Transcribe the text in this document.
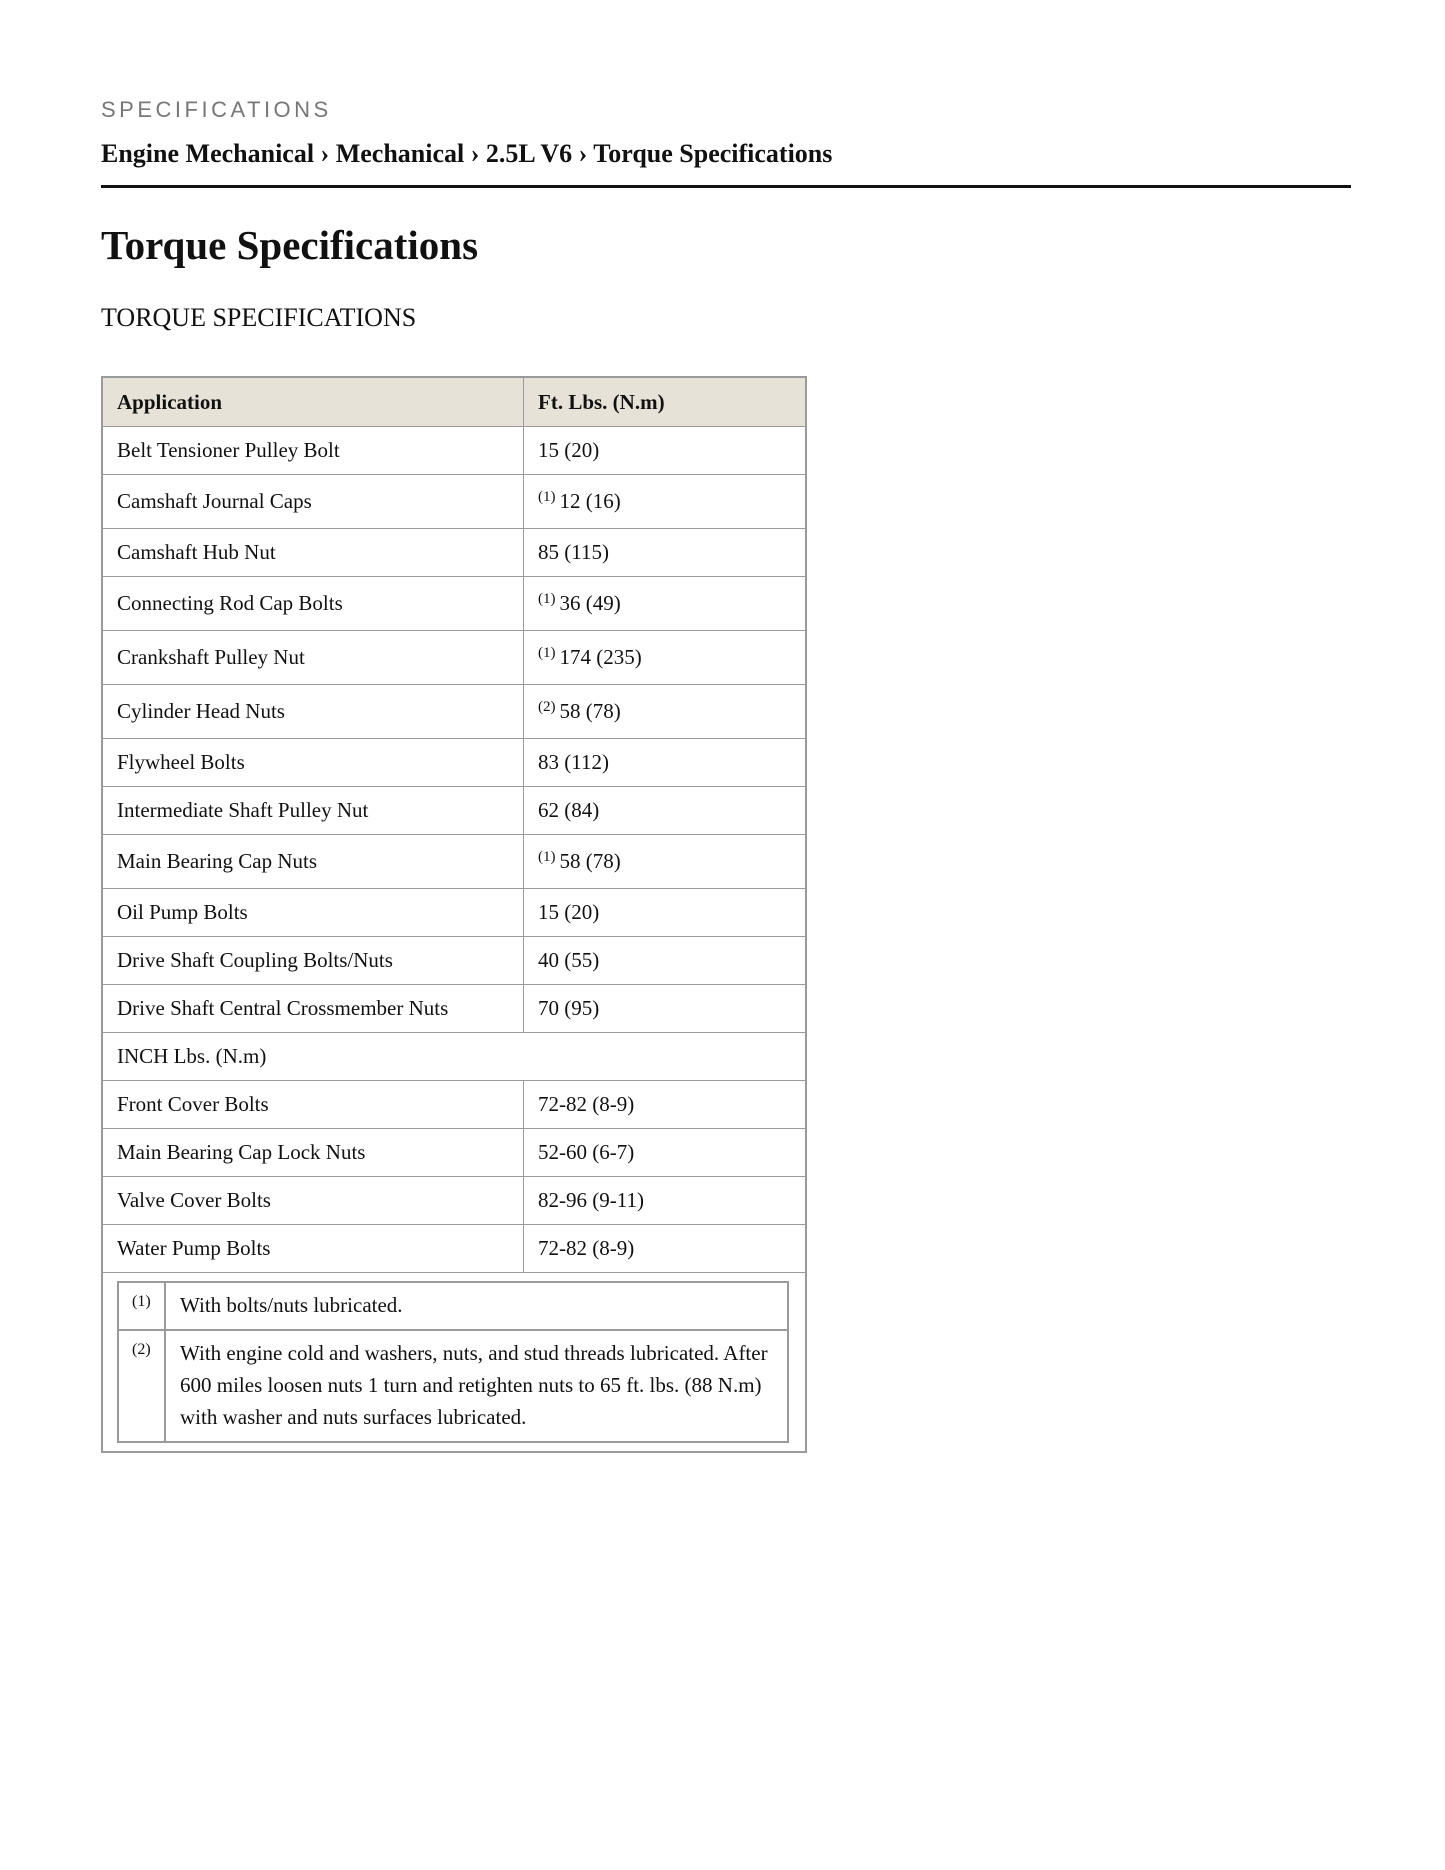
SPECIFICATIONS
Engine Mechanical › Mechanical › 2.5L V6 › Torque Specifications
Torque Specifications
TORQUE SPECIFICATIONS
Application	Ft. Lbs. (N.m)
Belt Tensioner Pulley Bolt	15 (20)
Camshaft Journal Caps	$^{(1)}$ 12 (16)
Camshaft Hub Nut	85 (115)
Connecting Rod Cap Bolts	$^{(1)}$ 36 (49)
Crankshaft Pulley Nut	$^{(1)}$ 174 (235)
Cylinder Head Nuts	$^{(2)}$ 58 (78)
Flywheel Bolts	83 (112)
Intermediate Shaft Pulley Nut	62 (84)
Main Bearing Cap Nuts	$^{(1)}$ 58 (78)
Oil Pump Bolts	15 (20)
Drive Shaft Coupling Bolts/Nuts	40 (55)
Drive Shaft Central Crossmember Nuts	70 (95)
INCH Lbs. (N.m)
Front Cover Bolts	72-82 (8-9)
Main Bearing Cap Lock Nuts	52-60 (6-7)
Valve Cover Bolts	82-96 (9-11)
Water Pump Bolts	72-82 (8-9)

(1)	With bolts/nuts lubricated.
(2)	With engine cold and washers, nuts, and stud threads lubricated. After 600 miles loosen nuts 1 turn and retighten nuts to 65 ft. lbs. (88 N.m) with washer and nuts surfaces lubricated.
